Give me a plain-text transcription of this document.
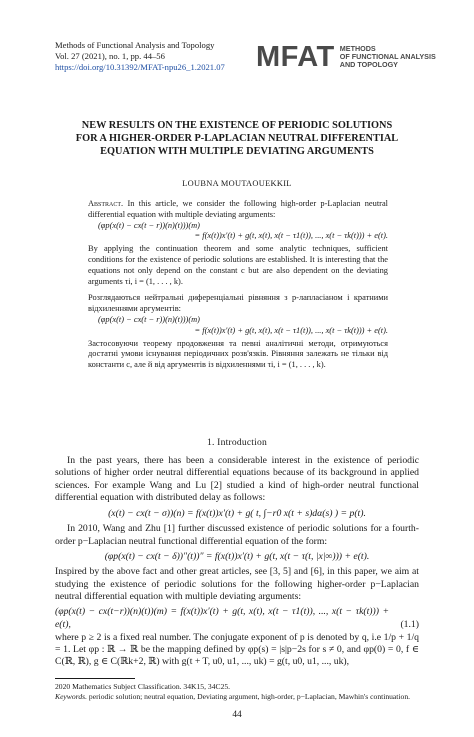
Methods of Functional Analysis and Topology
Vol. 27 (2021), no. 1, pp. 44–56
https://doi.org/10.31392/MFAT-npu26_1.2021.07 MFAT METHODS
OF FUNCTIONAL ANALYSIS
AND TOPOLOGY
NEW RESULTS ON THE EXISTENCE OF PERIODIC SOLUTIONS
FOR A HIGHER-ORDER P-LAPLACIAN NEUTRAL DIFFERENTIAL
EQUATION WITH MULTIPLE DEVIATING ARGUMENTS
LOUBNA MOUTAOUEKKIL
Abstract. In this article, we consider the following high-order p-Laplacian neutral differential equation with multiple deviating arguments:
(φp(x(t) − cx(t − r))(n)(t)))(m)
= f(x(t))x′(t) + g(t, x(t), x(t − τ1(t)), ..., x(t − τk(t))) + e(t).
By applying the continuation theorem and some analytic techniques, sufficient conditions for the existence of periodic solutions are established. It is interesting that the equations not only depend on the constant c but are also dependent on the deviating arguments τi, i = (1, . . . , k).
Розглядаються нейтральні диференціальні рівняння з p-лапласіаном і кратними відхиленнями аргументів:
(φp(x(t) − cx(t − r))(n)(t)))(m)
= f(x(t))x′(t) + g(t, x(t), x(t − τ1(t)), ..., x(t − τk(t))) + e(t).
Застосовуючи теорему продовження та певні аналітичні методи, отримуються достатні умови існування періодичних розв'язків. Рівняння залежать не тільки від константи c, але й від аргументів із відхиленнями τi, i = (1, . . . , k).
1. Introduction
In the past years, there has been a considerable interest in the existence of periodic solutions of higher order neutral differential equations because of its background in applied sciences. For example Wang and Lu [2] studied a kind of high-order neutral functional differential equation with distributed delay as follows:
(x(t) − cx(t − σ))(n) = f(x(t))x′(t) + g( t, ∫−r0 x(t + s)dα(s) ) = p(t).
In 2010, Wang and Zhu [1] further discussed existence of periodic solutions for a fourth-order p−Laplacian neutral functional differential equation of the form:
(φp(x(t) − cx(t − δ))″(t))″ = f(x(t))x′(t) + g(t, x(t − τ(t, |x|∞))) + e(t).
Inspired by the above fact and other great articles, see [3, 5] and [6], in this paper, we aim at studying the existence of periodic solutions for the following higher-order p−Laplacian neutral differential equation with multiple deviating arguments:
(φp(x(t) − cx(t−r))(n)(t))(m) = f(x(t))x′(t) + g(t, x(t), x(t − τ1(t)), ..., x(t − τk(t))) + e(t),	(1.1)
where p ≥ 2 is a fixed real number. The conjugate exponent of p is denoted by q, i.e 1/p + 1/q = 1. Let φp : ℝ → ℝ be the mapping defined by φp(s) = |s|p−2s for s ≠ 0, and φp(0) = 0, f ∈ C(ℝ, ℝ), g ∈ C(ℝk+2, ℝ) with g(t + T, u0, u1, ..., uk) = g(t, u0, u1, ..., uk),
2020 Mathematics Subject Classification. 34K15, 34C25.
Keywords. periodic solution; neutral equation, Deviating argument, high-order, p−Laplacian, Mawhin's continuation.
44
